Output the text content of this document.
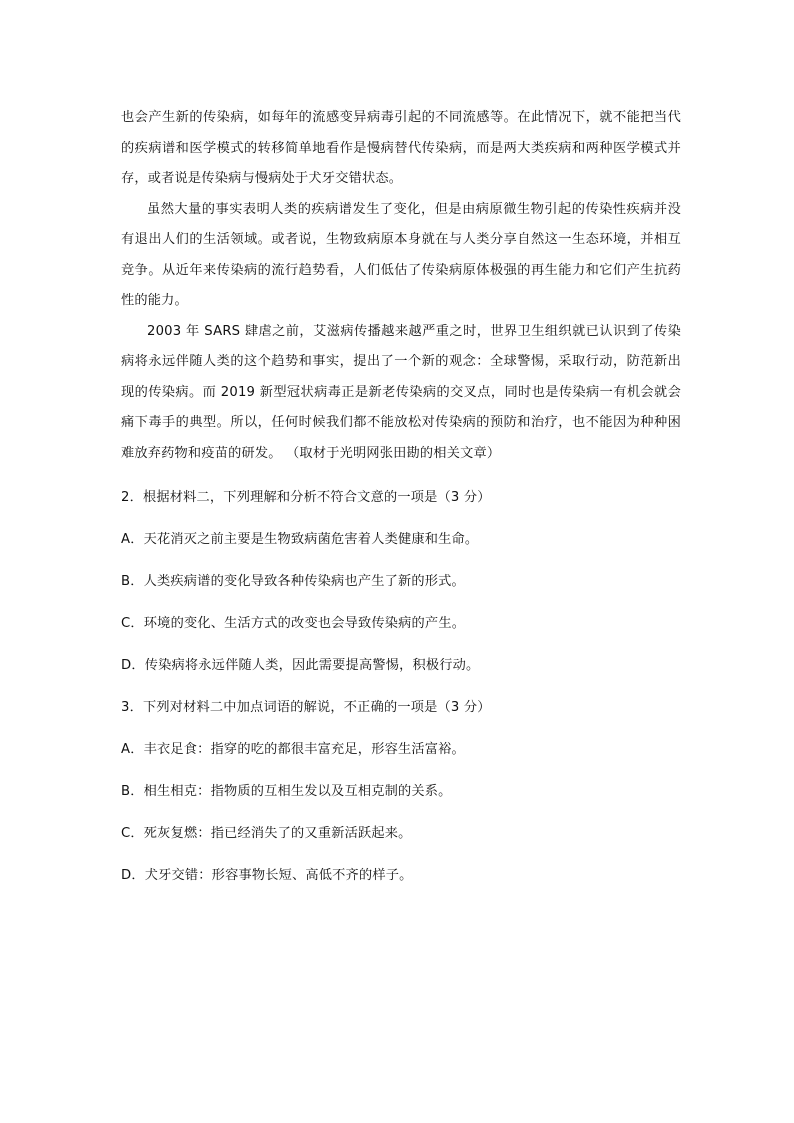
也会产生新的传染病，如每年的流感变异病毒引起的不同流感等。在此情况下，就不能把当代的疾病谱和医学模式的转移简单地看作是慢病替代传染病，而是两大类疾病和两种医学模式并存，或者说是传染病与慢病处于犬牙交错状态。

虽然大量的事实表明人类的疾病谱发生了变化，但是由病原微生物引起的传染性疾病并没有退出人们的生活领域。或者说，生物致病原本身就在与人类分享自然这一生态环境，并相互竞争。从近年来传染病的流行趋势看，人们低估了传染病原体极强的再生能力和它们产生抗药性的能力。

2003 年 SARS 肆虐之前，艾滋病传播越来越严重之时，世界卫生组织就已认识到了传染病将永远伴随人类的这个趋势和事实，提出了一个新的观念：全球警惕，采取行动，防范新出现的传染病。而 2019 新型冠状病毒正是新老传染病的交叉点，同时也是传染病一有机会就会痛下毒手的典型。所以，任何时候我们都不能放松对传染病的预防和治疗，也不能因为种种困难放弃药物和疫苗的研发。 （取材于光明网张田勘的相关文章）

2．根据材料二，下列理解和分析不符合文意的一项是（3 分）

A．天花消灭之前主要是生物致病菌危害着人类健康和生命。

B．人类疾病谱的变化导致各种传染病也产生了新的形式。

C．环境的变化、生活方式的改变也会导致传染病的产生。

D．传染病将永远伴随人类，因此需要提高警惕，积极行动。

3．下列对材料二中加点词语的解说，不正确的一项是（3 分）

A．丰衣足食：指穿的吃的都很丰富充足，形容生活富裕。

B．相生相克：指物质的互相生发以及互相克制的关系。

C．死灰复燃：指已经消失了的又重新活跃起来。

D．犬牙交错：形容事物长短、高低不齐的样子。
